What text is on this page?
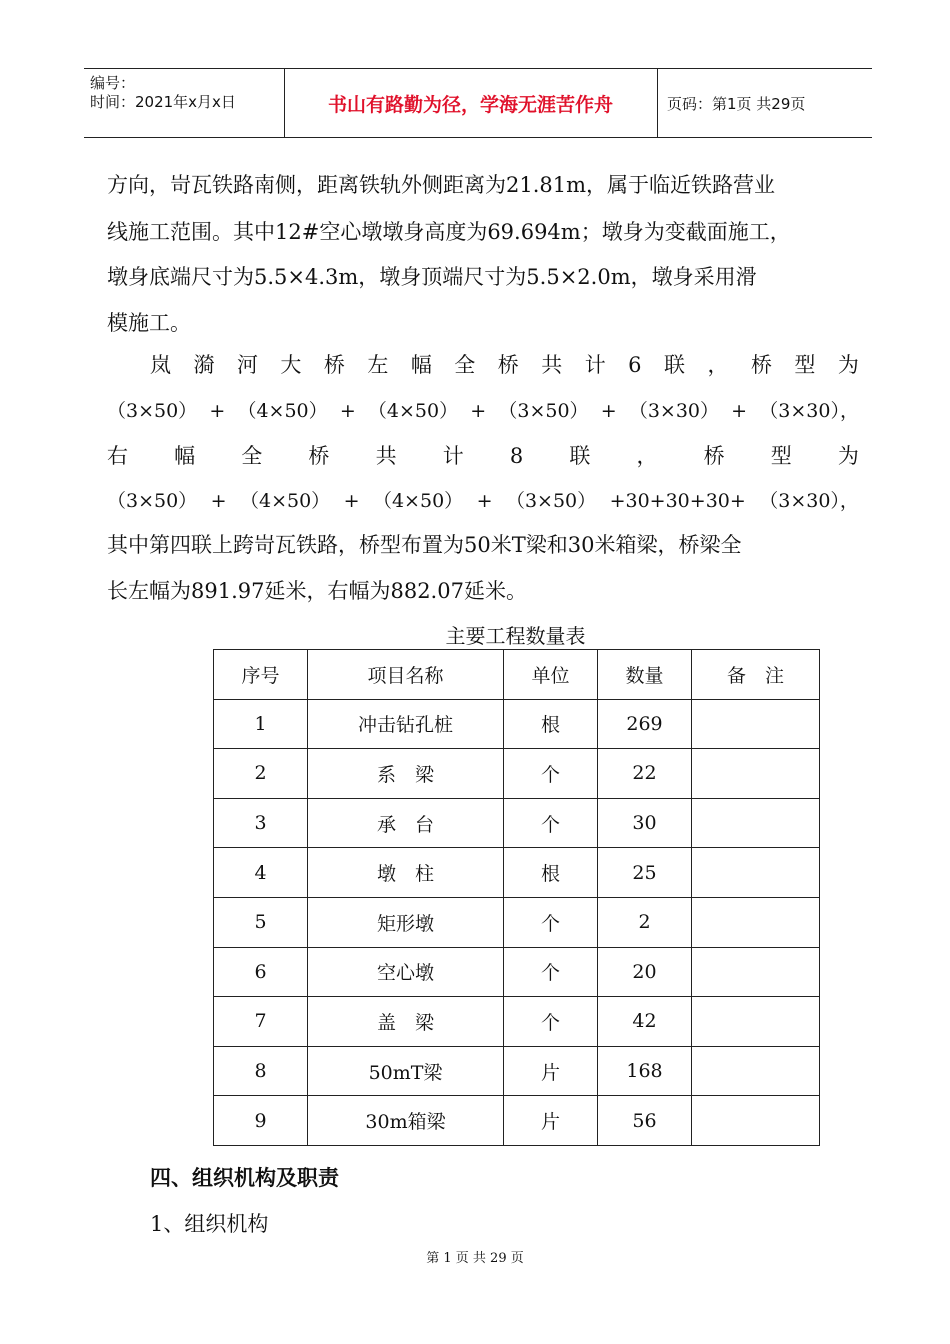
编号：
时间：2021年x月x日	书山有路勤为径，学海无涯苦作舟	页码：第1页 共29页
方向，岢瓦铁路南侧，距离铁轨外侧距离为21.81m，属于临近铁路营业
线施工范围。其中12#空心墩墩身高度为69.694m；墩身为变截面施工，
墩身底端尺寸为5.5×4.3m，墩身顶端尺寸为5.5×2.0m，墩身采用滑
模施工。
岚 漪 河 大 桥 左 幅 全 桥 共 计 6 联 ， 桥 型 为
（3×50） + （4×50） + （4×50） + （3×50） + （3×30） + （3×30），
右 幅 全 桥 共 计 8 联 ， 桥 型 为
（3×50） + （4×50） + （4×50） + （3×50） +30+30+30+ （3×30），
其中第四联上跨岢瓦铁路，桥型布置为50米T梁和30米箱梁，桥梁全
长左幅为891.97延米，右幅为882.07延米。
主要工程数量表
序号	项目名称	单位	数量	备　注
1	冲击钻孔桩	根	269	
2	系　梁	个	22	
3	承　台	个	30	
4	墩　柱	根	25	
5	矩形墩	个	2	
6	空心墩	个	20	
7	盖　梁	个	42	
8	50mT梁	片	168	
9	30m箱梁	片	56	
四、组织机构及职责
1、组织机构
第 1 页 共 29 页
